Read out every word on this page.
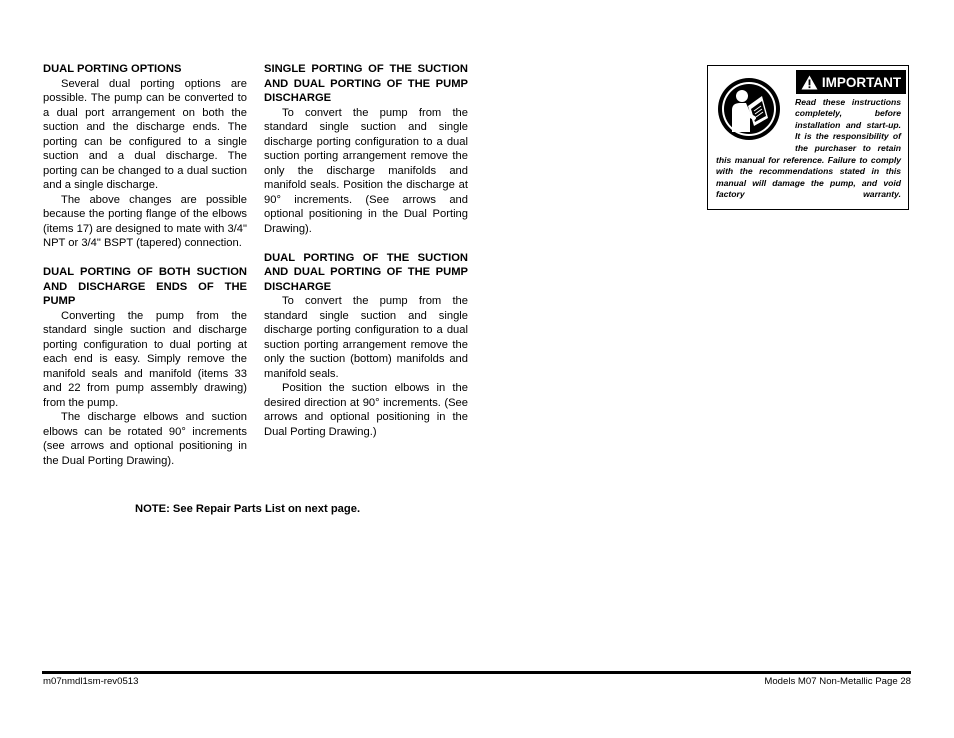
DUAL PORTING OPTIONS

Several dual porting options are possible. The pump can be converted to a dual port arrangement on both the suction and the discharge ends. The porting can be configured to a single suction and a dual discharge. The porting can be changed to a dual suction and a single discharge.

The above changes are possible because the porting flange of the elbows (items 17) are designed to mate with 3/4" NPT or 3/4" BSPT (tapered) connection.

DUAL PORTING OF BOTH SUCTION AND DISCHARGE ENDS OF THE PUMP

Converting the pump from the standard single suction and discharge porting configuration to dual porting at each end is easy. Simply remove the manifold seals and manifold (items 33 and 22 from pump assembly drawing) from the pump.

The discharge elbows and suction elbows can be rotated 90° increments (see arrows and optional positioning in the Dual Porting Drawing).

SINGLE PORTING OF THE SUCTION AND DUAL PORTING OF THE PUMP DISCHARGE

To convert the pump from the standard single suction and single discharge porting configuration to a dual suction porting arrangement remove the only the discharge manifolds and manifold seals. Position the discharge at 90° increments. (See arrows and optional positioning in the Dual Porting Drawing).

DUAL PORTING OF THE SUCTION AND DUAL PORTING OF THE PUMP DISCHARGE

To convert the pump from the standard single suction and single discharge porting configuration to a dual suction porting arrangement remove the only the suction (bottom) manifolds and manifold seals.

Position the suction elbows in the desired direction at 90° increments. (See arrows and optional positioning in the Dual Porting Drawing.)

NOTE: See Repair Parts List on next page.
IMPORTANT
Read these instructions completely, before installation and start-up. It is the responsibility of the purchaser to retain
this manual for reference. Failure to comply with the recommendations stated in this manual will damage the pump, and void factory warranty.
m07nmdl1sm-rev0513	Models M07 Non-Metallic Page 28
